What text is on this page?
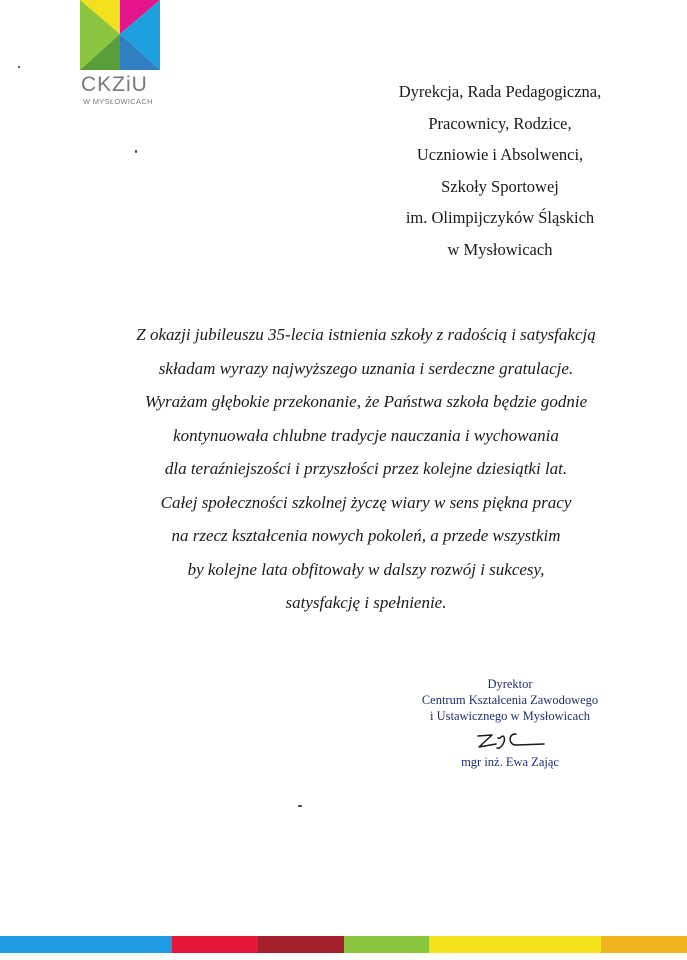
CKZiU
W MYSŁOWICACH
Dyrekcja, Rada Pedagogiczna,
Pracownicy, Rodzice,
Uczniowie i Absolwenci,
Szkoły Sportowej
im. Olimpijczyków Śląskich
w Mysłowicach
Z okazji jubileuszu 35-lecia istnienia szkoły z radością i satysfakcją
składam wyrazy najwyższego uznania i serdeczne gratulacje.
Wyrażam głębokie przekonanie, że Państwa szkoła będzie godnie
kontynuowała chlubne tradycje nauczania i wychowania
dla teraźniejszości i przyszłości przez kolejne dziesiątki lat.
Całej społeczności szkolnej życzę wiary w sens piękna pracy
na rzecz kształcenia nowych pokoleń, a przede wszystkim
by kolejne lata obfitowały w dalszy rozwój i sukcesy,
satysfakcję i spełnienie.
Dyrektor
Centrum Kształcenia Zawodowego
i Ustawicznego w Mysłowicach
mgr inż. Ewa Zając
